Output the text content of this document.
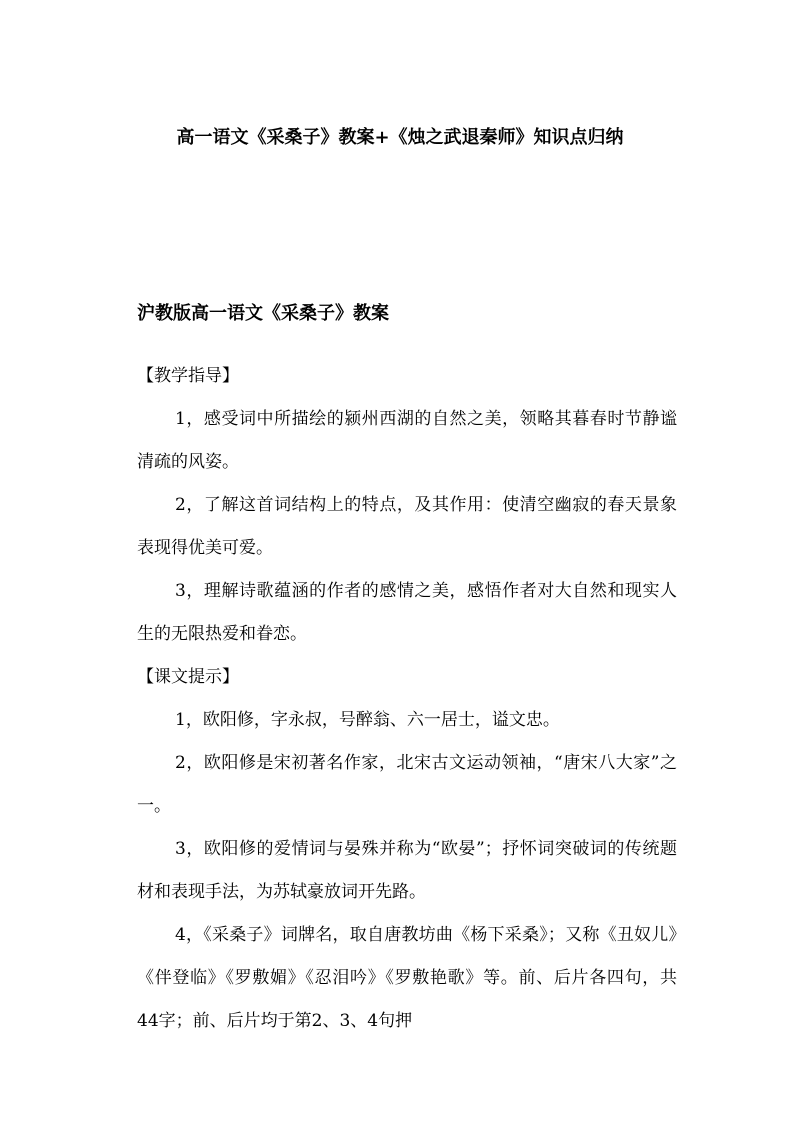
高一语文《采桑子》教案+《烛之武退秦师》知识点归纳
沪教版高一语文《采桑子》教案

【教学指导】

1，感受词中所描绘的颍州西湖的自然之美，领略其暮春时节静谧清疏的风姿。

2，了解这首词结构上的特点，及其作用：使清空幽寂的春天景象表现得优美可爱。

3，理解诗歌蕴涵的作者的感情之美，感悟作者对大自然和现实人生的无限热爱和眷恋。

【课文提示】

1，欧阳修，字永叔，号醉翁、六一居士，谥文忠。

2，欧阳修是宋初著名作家，北宋古文运动领袖，“唐宋八大家”之一。

3，欧阳修的爱情词与晏殊并称为“欧晏”；抒怀词突破词的传统题材和表现手法，为苏轼豪放词开先路。

4，《采桑子》词牌名，取自唐教坊曲《杨下采桑》；又称《丑奴儿》《伴登临》《罗敷媚》《忍泪吟》《罗敷艳歌》等。前、后片各四句，共44字；前、后片均于第2、3、4句押
